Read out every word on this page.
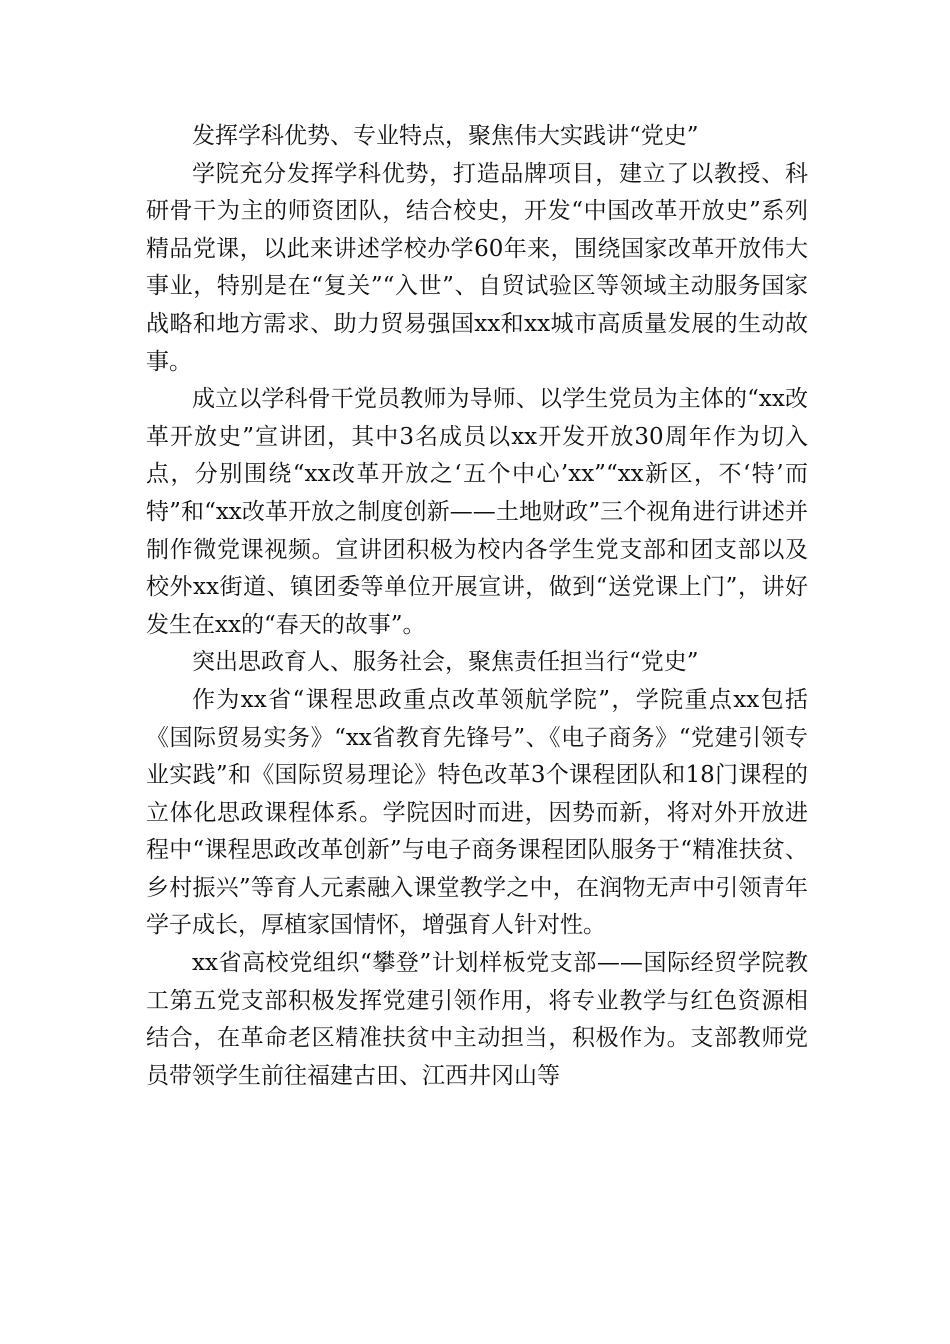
发挥学科优势、专业特点，聚焦伟大实践讲“党史”

学院充分发挥学科优势，打造品牌项目，建立了以教授、科研骨干为主的师资团队，结合校史，开发“中国改革开放史”系列精品党课，以此来讲述学校办学60年来，围绕国家改革开放伟大事业，特别是在“复关”“入世”、自贸试验区等领域主动服务国家战略和地方需求、助力贸易强国xx和xx城市高质量发展的生动故事。

成立以学科骨干党员教师为导师、以学生党员为主体的“xx改革开放史”宣讲团，其中3名成员以xx开发开放30周年作为切入点，分别围绕“xx改革开放之‘五个中心’xx”“xx新区，不‘特’而特”和“xx改革开放之制度创新——土地财政”三个视角进行讲述并制作微党课视频。宣讲团积极为校内各学生党支部和团支部以及校外xx街道、镇团委等单位开展宣讲，做到“送党课上门”，讲好发生在xx的“春天的故事”。

突出思政育人、服务社会，聚焦责任担当行“党史”

作为xx省“课程思政重点改革领航学院”，学院重点xx包括《国际贸易实务》“xx省教育先锋号”、《电子商务》“党建引领专业实践”和《国际贸易理论》特色改革3个课程团队和18门课程的立体化思政课程体系。学院因时而进，因势而新，将对外开放进程中“课程思政改革创新”与电子商务课程团队服务于“精准扶贫、乡村振兴”等育人元素融入课堂教学之中，在润物无声中引领青年学子成长，厚植家国情怀，增强育人针对性。

xx省高校党组织“攀登”计划样板党支部——国际经贸学院教工第五党支部积极发挥党建引领作用，将专业教学与红色资源相结合，在革命老区精准扶贫中主动担当，积极作为。支部教师党员带领学生前往福建古田、江西井冈山等
